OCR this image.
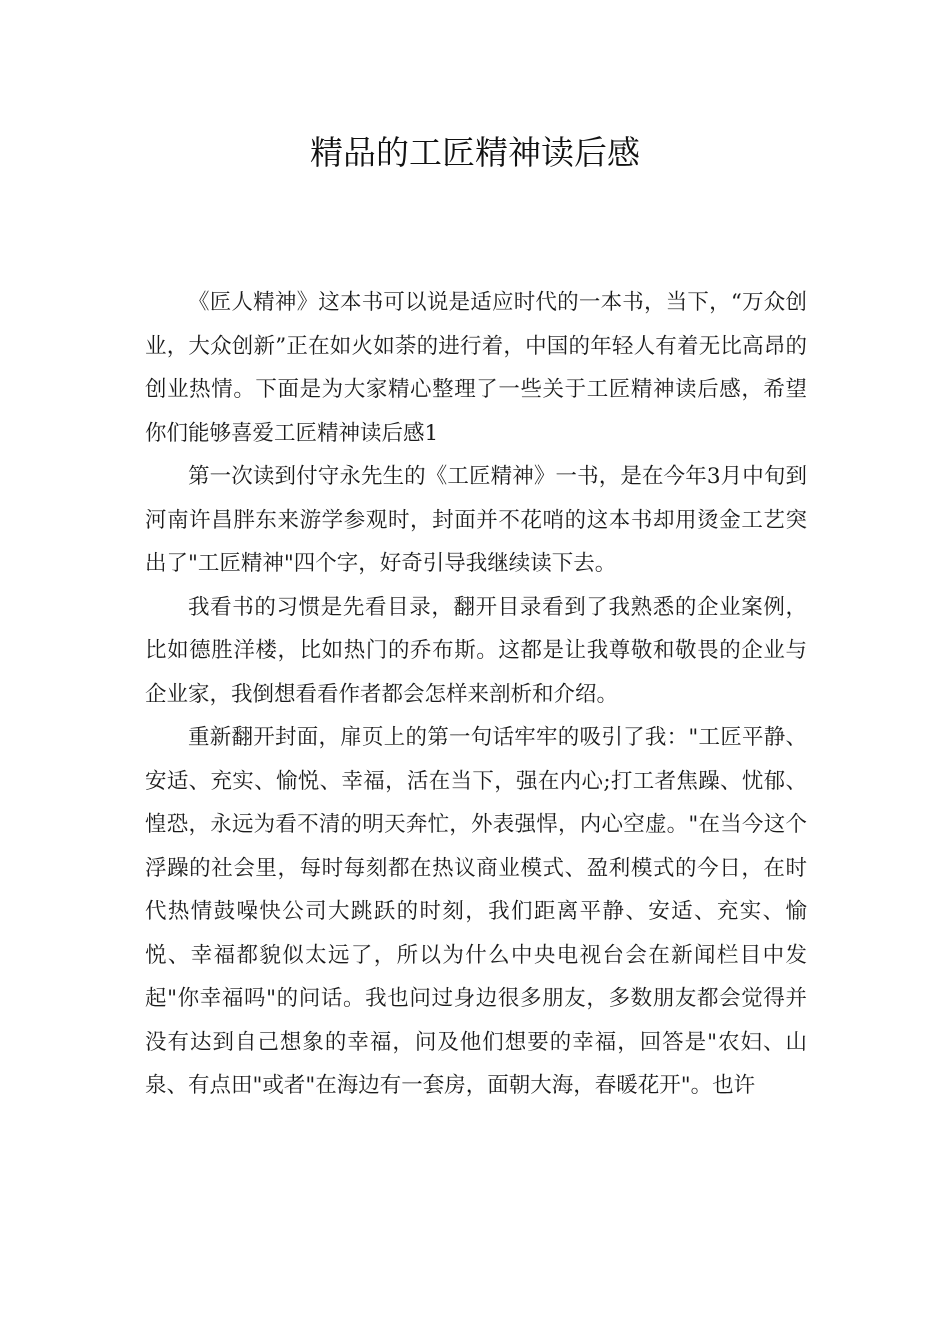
精品的工匠精神读后感

《匠人精神》这本书可以说是适应时代的一本书，当下，“万众创业，大众创新”正在如火如荼的进行着，中国的年轻人有着无比高昂的创业热情。下面是为大家精心整理了一些关于工匠精神读后感，希望你们能够喜爱工匠精神读后感1

第一次读到付守永先生的《工匠精神》一书，是在今年3月中旬到河南许昌胖东来游学参观时，封面并不花哨的这本书却用烫金工艺突出了"工匠精神"四个字，好奇引导我继续读下去。

我看书的习惯是先看目录，翻开目录看到了我熟悉的企业案例，比如德胜洋楼，比如热门的乔布斯。这都是让我尊敬和敬畏的企业与企业家，我倒想看看作者都会怎样来剖析和介绍。

重新翻开封面，扉页上的第一句话牢牢的吸引了我："工匠平静、安适、充实、愉悦、幸福，活在当下，强在内心;打工者焦躁、忧郁、惶恐，永远为看不清的明天奔忙，外表强悍，内心空虚。"在当今这个浮躁的社会里，每时每刻都在热议商业模式、盈利模式的今日，在时代热情鼓噪快公司大跳跃的时刻，我们距离平静、安适、充实、愉悦、幸福都貌似太远了，所以为什么中央电视台会在新闻栏目中发起"你幸福吗"的问话。我也问过身边很多朋友，多数朋友都会觉得并没有达到自己想象的幸福，问及他们想要的幸福，回答是"农妇、山泉、有点田"或者"在海边有一套房，面朝大海，春暖花开"。也许
